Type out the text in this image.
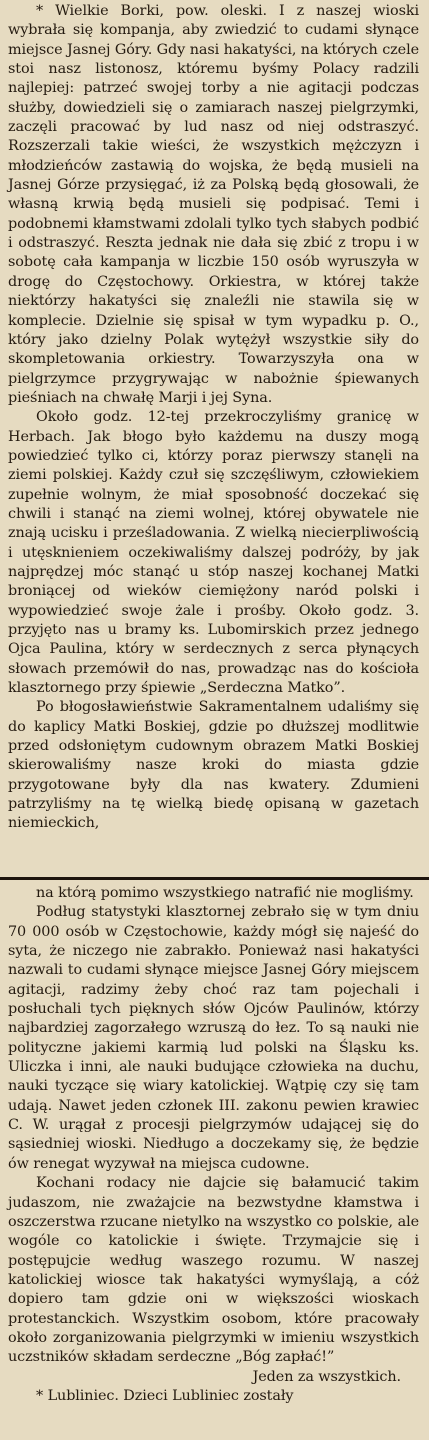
* Wielkie Borki, pow. oleski. I z naszej wioski wybrała się kompanja, aby zwiedzić to cudami słynące miejsce Jasnej Góry. Gdy nasi hakatyści, na których czele stoi nasz listonosz, któremu byśmy Polacy radzili najlepiej: patrzeć swojej torby a nie agitacji podczas służby, dowiedzieli się o zamiarach naszej pielgrzymki, zaczęli pracować by lud nasz od niej odstraszyć. Rozszerzali takie wieści, że wszystkich mężczyzn i młodzieńców zastawią do wojska, że będą musieli na Jasnej Górze przysięgać, iż za Polską będą głosowali, że własną krwią będą musieli się podpisać. Temi i podobnemi kłamstwami zdolali tylko tych słabych podbić i odstraszyć. Reszta jednak nie dała się zbić z tropu i w sobotę cała kampanja w liczbie 150 osób wyruszyła w drogę do Częstochowy. Orkiestra, w której także niektórzy hakatyści się znaleźli nie stawila się w komplecie. Dzielnie się spisał w tym wypadku p. O., który jako dzielny Polak wytężył wszystkie siły do skompletowania orkiestry. Towarzyszyła ona w pielgrzymce przygrywając w nabożnie śpiewanych pieśniach na chwałę Marji i jej Syna.

Około godz. 12-tej przekroczyliśmy granicę w Herbach. Jak błogo było każdemu na duszy mogą powiedzieć tylko ci, którzy poraz pierwszy stanęli na ziemi polskiej. Każdy czuł się szczęśliwym, człowiekiem zupełnie wolnym, że miał sposobność doczekać się chwili i stanąć na ziemi wolnej, której obywatele nie znają ucisku i prześladowania. Z wielką niecierpliwością i utęsknieniem oczekiwaliśmy dalszej podróży, by jak najprędzej móc stanąć u stóp naszej kochanej Matki broniącej od wieków ciemiężony naród polski i wypowiedzieć swoje żale i prośby. Około godz. 3. przyjęto nas u bramy ks. Lubomirskich przez jednego Ojca Paulina, który w serdecznych z serca płynących słowach przemówił do nas, prowadząc nas do kościoła klasztornego przy śpiewie „Serdeczna Matko”.

Po błogosławieństwie Sakramentalnem udaliśmy się do kaplicy Matki Boskiej, gdzie po dłuższej modlitwie przed odsłoniętym cudownym obrazem Matki Boskiej skierowaliśmy nasze kroki do miasta gdzie przygotowane były dla nas kwatery. Zdumieni patrzyliśmy na tę wielką biedę opisaną w gazetach niemieckich,

na którą pomimo wszystkiego natrafić nie mogliśmy.

Podług statystyki klasztornej zebrało się w tym dniu 70 000 osób w Częstochowie, każdy mógł się najeść do syta, że niczego nie zabrakło. Ponieważ nasi hakatyści nazwali to cudami słynące miejsce Jasnej Góry miejscem agitacji, radzimy żeby choć raz tam pojechali i posłuchali tych pięknych słów Ojców Paulinów, którzy najbardziej zagorzałego wzruszą do łez. To są nauki nie polityczne jakiemi karmią lud polski na Śląsku ks. Uliczka i inni, ale nauki budujące człowieka na duchu, nauki tyczące się wiary katolickiej. Wątpię czy się tam udają. Nawet jeden członek III. zakonu pewien krawiec C. W. urągał z procesji pielgrzymów udającej się do sąsiedniej wioski. Niedługo a doczekamy się, że będzie ów renegat wyzywał na miejsca cudowne.

Kochani rodacy nie dajcie się bałamucić takim judaszom, nie zważajcie na bezwstydne kłamstwa i oszczerstwa rzucane nietylko na wszystko co polskie, ale wogóle co katolickie i święte. Trzymajcie się i postępujcie według waszego rozumu. W naszej katolickiej wiosce tak hakatyści wymyślają, a cóż dopiero tam gdzie oni w większości wioskach protestanckich. Wszystkim osobom, które pracowały około zorganizowania pielgrzymki w imieniu wszystkich uczstników składam serdeczne „Bóg zapłać!”

Jeden za wszystkich.

* Lubliniec. Dzieci Lubliniec zostały
